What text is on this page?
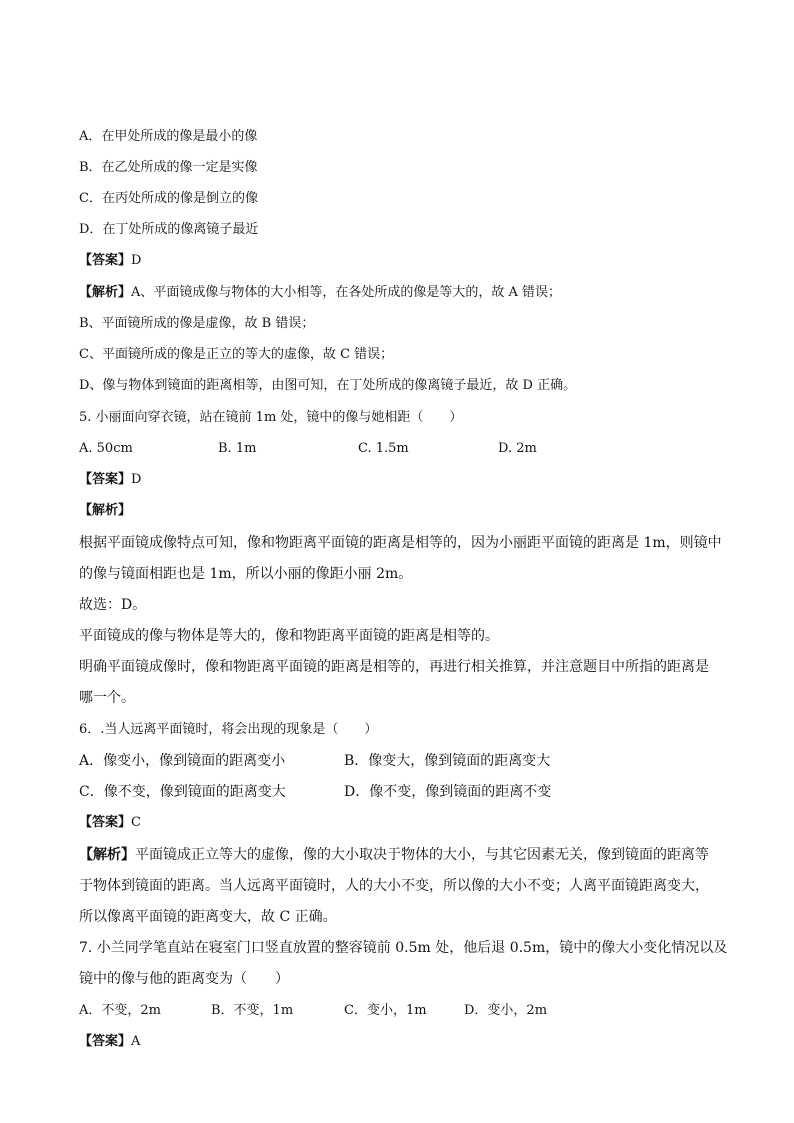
A．在甲处所成的像是最小的像
B．在乙处所成的像一定是实像
C．在丙处所成的像是倒立的像
D．在丁处所成的像离镜子最近
【答案】D
【解析】A、平面镜成像与物体的大小相等，在各处所成的像是等大的，故 A 错误；
B、平面镜所成的像是虚像，故 B 错误；
C、平面镜所成的像是正立的等大的虚像，故 C 错误；
D、像与物体到镜面的距离相等，由图可知，在丁处所成的像离镜子最近，故 D 正确。
5. 小丽面向穿衣镜，站在镜前 1m 处，镜中的像与她相距（　　）
A. 50cm	B. 1m	C. 1.5m	D. 2m
【答案】D
【解析】
根据平面镜成像特点可知，像和物距离平面镜的距离是相等的，因为小丽距平面镜的距离是 1m，则镜中
的像与镜面相距也是 1m，所以小丽的像距小丽 2m。
故选：D。
平面镜成的像与物体是等大的，像和物距离平面镜的距离是相等的。
明确平面镜成像时，像和物距离平面镜的距离是相等的，再进行相关推算，并注意题目中所指的距离是
哪一个。
6．.当人远离平面镜时，将会出现的现象是（　　）
A．像变小，像到镜面的距离变小	B．像变大，像到镜面的距离变大
C．像不变，像到镜面的距离变大	D．像不变，像到镜面的距离不变
【答案】C
【解析】平面镜成正立等大的虚像，像的大小取决于物体的大小，与其它因素无关，像到镜面的距离等
于物体到镜面的距离。当人远离平面镜时，人的大小不变，所以像的大小不变；人离平面镜距离变大，
所以像离平面镜的距离变大，故 C 正确。
7. 小兰同学笔直站在寝室门口竖直放置的整容镜前 0.5m 处，他后退 0.5m，镜中的像大小变化情况以及
镜中的像与他的距离变为（　　）
A．不变，2m	B．不变，1m	C．变小，1m	D．变小，2m
【答案】A
